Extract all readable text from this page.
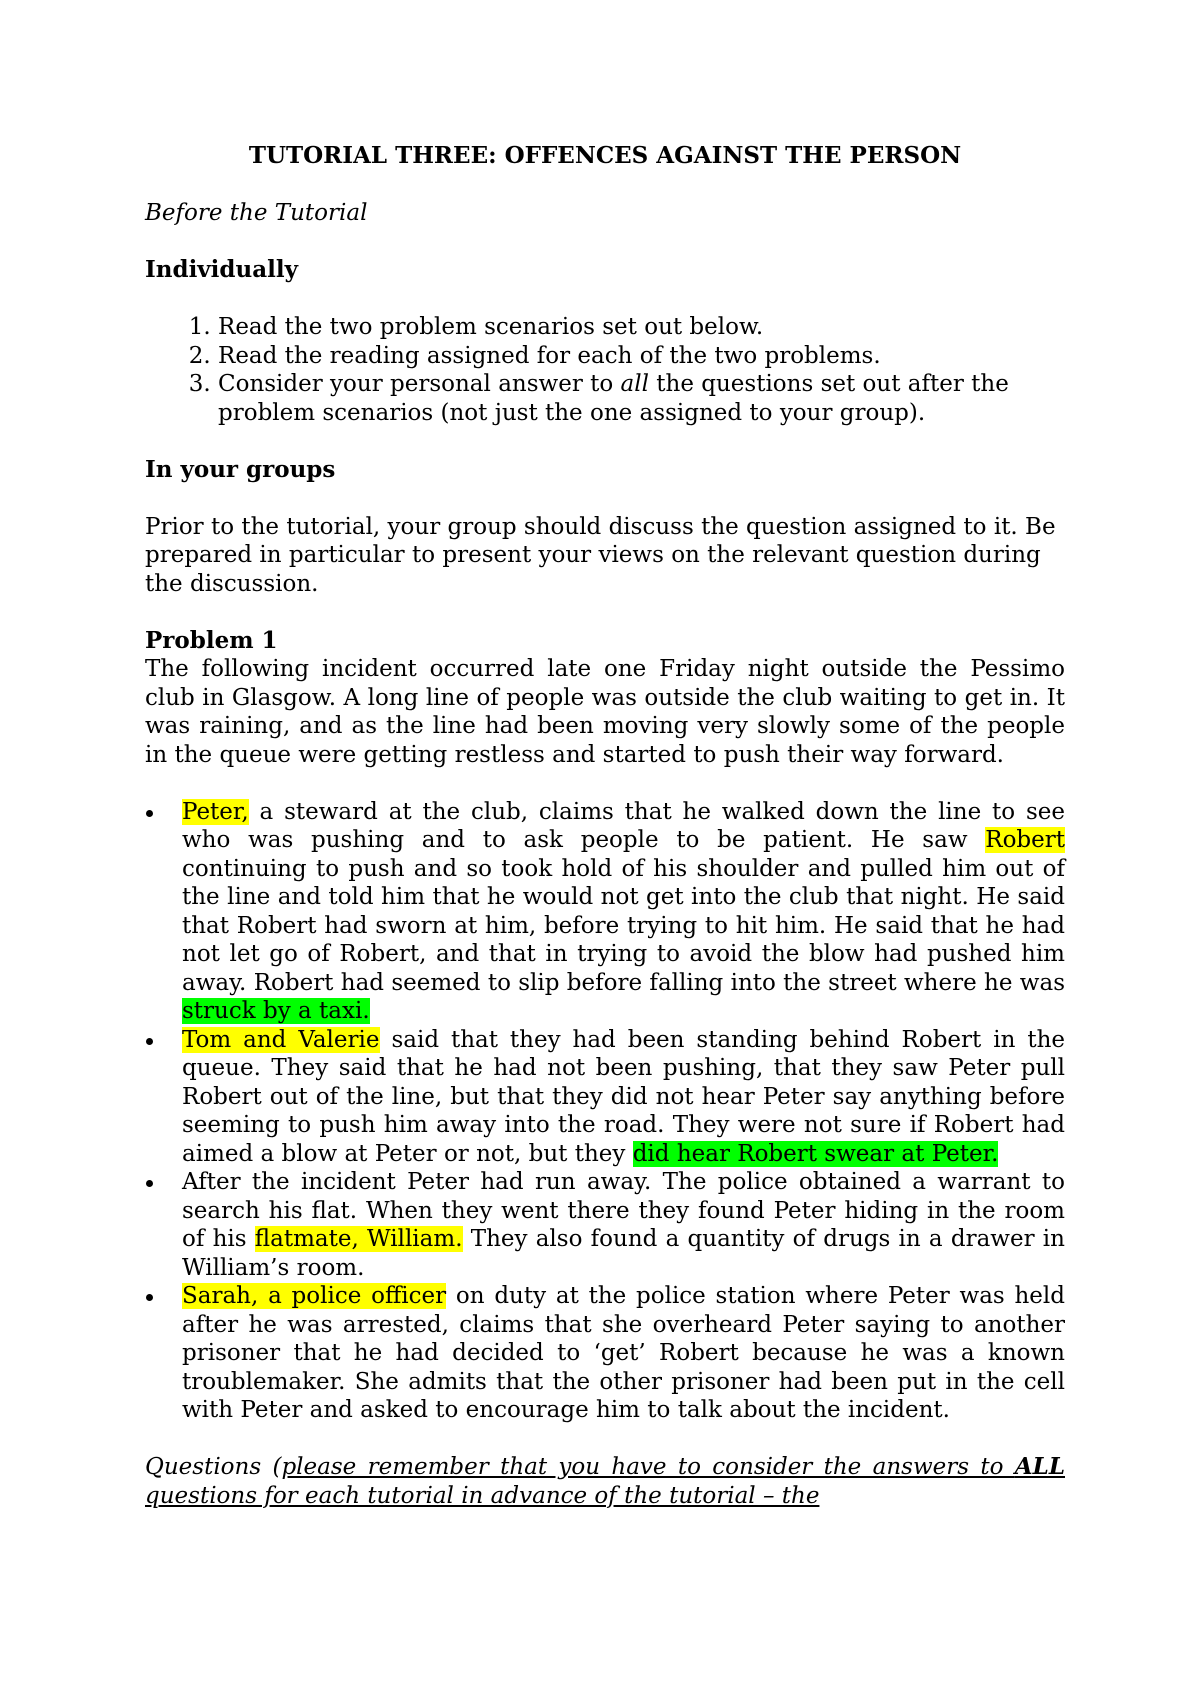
TUTORIAL THREE: OFFENCES AGAINST THE PERSON

Before the Tutorial

Individually

1. Read the two problem scenarios set out below.
2. Read the reading assigned for each of the two problems.
3. Consider your personal answer to all the questions set out after the problem scenarios (not just the one assigned to your group).

In your groups

Prior to the tutorial, your group should discuss the question assigned to it. Be prepared in particular to present your views on the relevant question during the discussion.

Problem 1

The following incident occurred late one Friday night outside the Pessimo club in Glasgow. A long line of people was outside the club waiting to get in. It was raining, and as the line had been moving very slowly some of the people in the queue were getting restless and started to push their way forward.

Peter, a steward at the club, claims that he walked down the line to see who was pushing and to ask people to be patient. He saw Robert continuing to push and so took hold of his shoulder and pulled him out of the line and told him that he would not get into the club that night. He said that Robert had sworn at him, before trying to hit him. He said that he had not let go of Robert, and that in trying to avoid the blow had pushed him away. Robert had seemed to slip before falling into the street where he was struck by a taxi.
Tom and Valerie said that they had been standing behind Robert in the queue. They said that he had not been pushing, that they saw Peter pull Robert out of the line, but that they did not hear Peter say anything before seeming to push him away into the road. They were not sure if Robert had aimed a blow at Peter or not, but they did hear Robert swear at Peter.
After the incident Peter had run away. The police obtained a warrant to search his flat. When they went there they found Peter hiding in the room of his flatmate, William. They also found a quantity of drugs in a drawer in William’s room.
Sarah, a police officer on duty at the police station where Peter was held after he was arrested, claims that she overheard Peter saying to another prisoner that he had decided to ‘get’ Robert because he was a known troublemaker. She admits that the other prisoner had been put in the cell with Peter and asked to encourage him to talk about the incident.

Questions (please remember that you have to consider the answers to ALL questions for each tutorial in advance of the tutorial – the
